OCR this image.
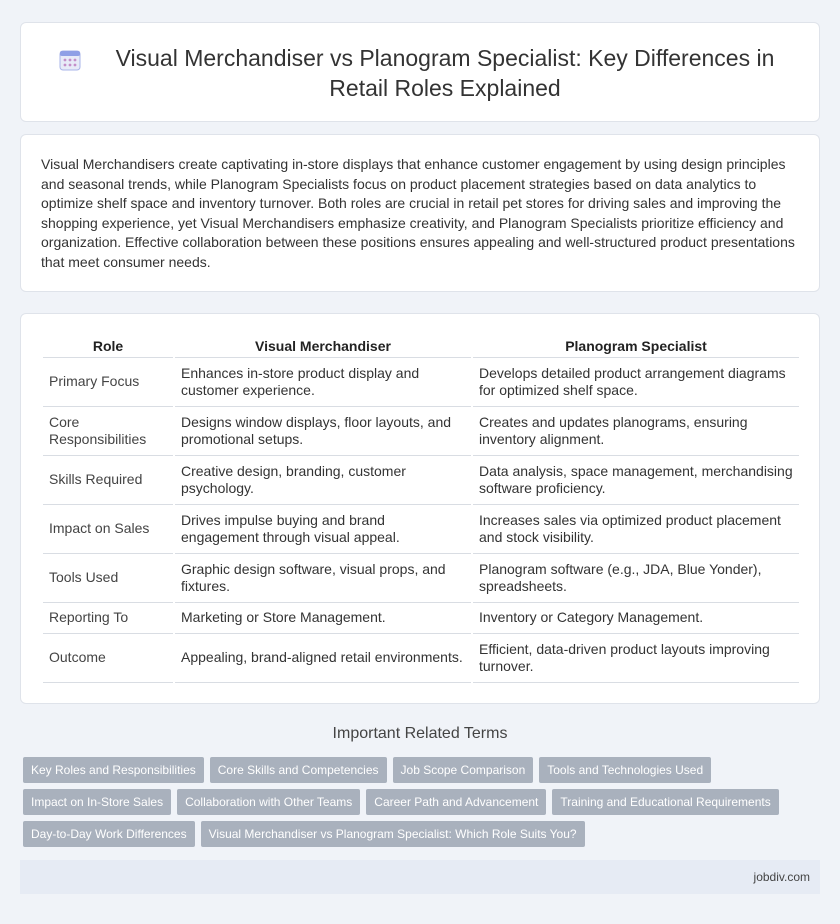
Visual Merchandiser vs Planogram Specialist: Key Differences in Retail Roles Explained

Visual Merchandisers create captivating in-store displays that enhance customer engagement by using design principles and seasonal trends, while Planogram Specialists focus on product placement strategies based on data analytics to optimize shelf space and inventory turnover. Both roles are crucial in retail pet stores for driving sales and improving the shopping experience, yet Visual Merchandisers emphasize creativity, and Planogram Specialists prioritize efficiency and organization. Effective collaboration between these positions ensures appealing and well-structured product presentations that meet consumer needs.

Role	Visual Merchandiser	Planogram Specialist
Primary Focus	Enhances in-store product display and customer experience.	Develops detailed product arrangement diagrams for optimized shelf space.
Core Responsibilities	Designs window displays, floor layouts, and promotional setups.	Creates and updates planograms, ensuring inventory alignment.
Skills Required	Creative design, branding, customer psychology.	Data analysis, space management, merchandising software proficiency.
Impact on Sales	Drives impulse buying and brand engagement through visual appeal.	Increases sales via optimized product placement and stock visibility.
Tools Used	Graphic design software, visual props, and fixtures.	Planogram software (e.g., JDA, Blue Yonder), spreadsheets.
Reporting To	Marketing or Store Management.	Inventory or Category Management.
Outcome	Appealing, brand-aligned retail environments.	Efficient, data-driven product layouts improving turnover.
Important Related Terms
Key Roles and Responsibilities Core Skills and Competencies Job Scope Comparison Tools and Technologies Used
Impact on In-Store Sales Collaboration with Other Teams Career Path and Advancement Training and Educational Requirements
Day-to-Day Work Differences Visual Merchandiser vs Planogram Specialist: Which Role Suits You?
jobdiv.com
